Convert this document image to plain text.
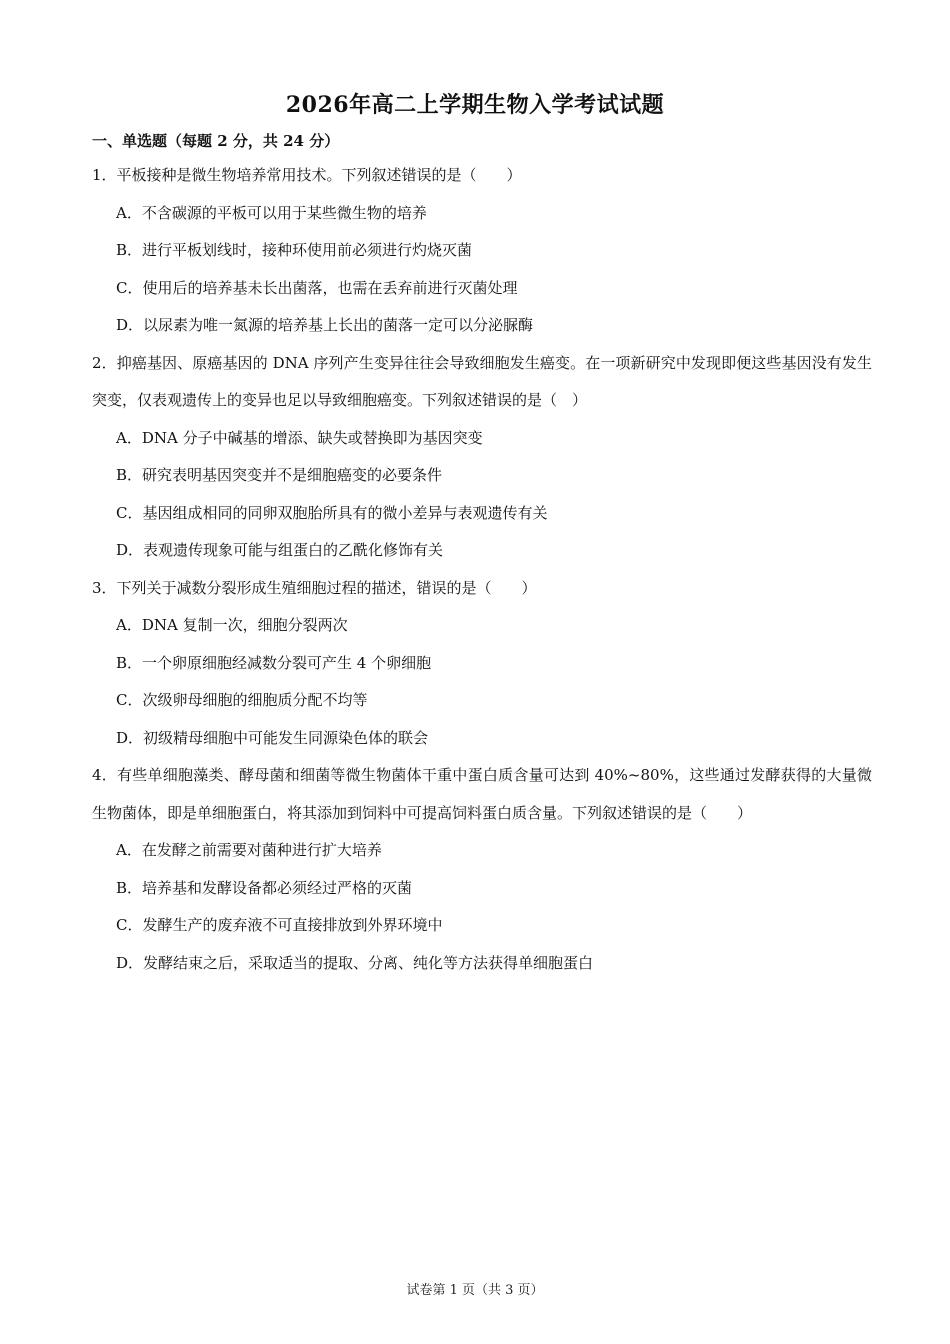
2026年高二上学期生物入学考试试题
一、单选题（每题 2 分，共 24 分）

1．平板接种是微生物培养常用技术。下列叙述错误的是（　　）

A．不含碳源的平板可以用于某些微生物的培养

B．进行平板划线时，接种环使用前必须进行灼烧灭菌

C．使用后的培养基未长出菌落，也需在丢弃前进行灭菌处理

D．以尿素为唯一氮源的培养基上长出的菌落一定可以分泌脲酶

2．抑癌基因、原癌基因的 DNA 序列产生变异往往会导致细胞发生癌变。在一项新研究中发现即便这些基因没有发生突变，仅表观遗传上的变异也足以导致细胞癌变。下列叙述错误的是（　）

A．DNA 分子中碱基的增添、缺失或替换即为基因突变

B．研究表明基因突变并不是细胞癌变的必要条件

C．基因组成相同的同卵双胞胎所具有的微小差异与表观遗传有关

D．表观遗传现象可能与组蛋白的乙酰化修饰有关

3．下列关于减数分裂形成生殖细胞过程的描述，错误的是（　　）

A．DNA 复制一次，细胞分裂两次

B．一个卵原细胞经减数分裂可产生 4 个卵细胞

C．次级卵母细胞的细胞质分配不均等

D．初级精母细胞中可能发生同源染色体的联会

4．有些单细胞藻类、酵母菌和细菌等微生物菌体干重中蛋白质含量可达到 40%~80%，这些通过发酵获得的大量微生物菌体，即是单细胞蛋白，将其添加到饲料中可提高饲料蛋白质含量。下列叙述错误的是（　　）

A．在发酵之前需要对菌种进行扩大培养

B．培养基和发酵设备都必须经过严格的灭菌

C．发酵生产的废弃液不可直接排放到外界环境中

D．发酵结束之后，采取适当的提取、分离、纯化等方法获得单细胞蛋白

试卷第 1 页（共 3 页）
